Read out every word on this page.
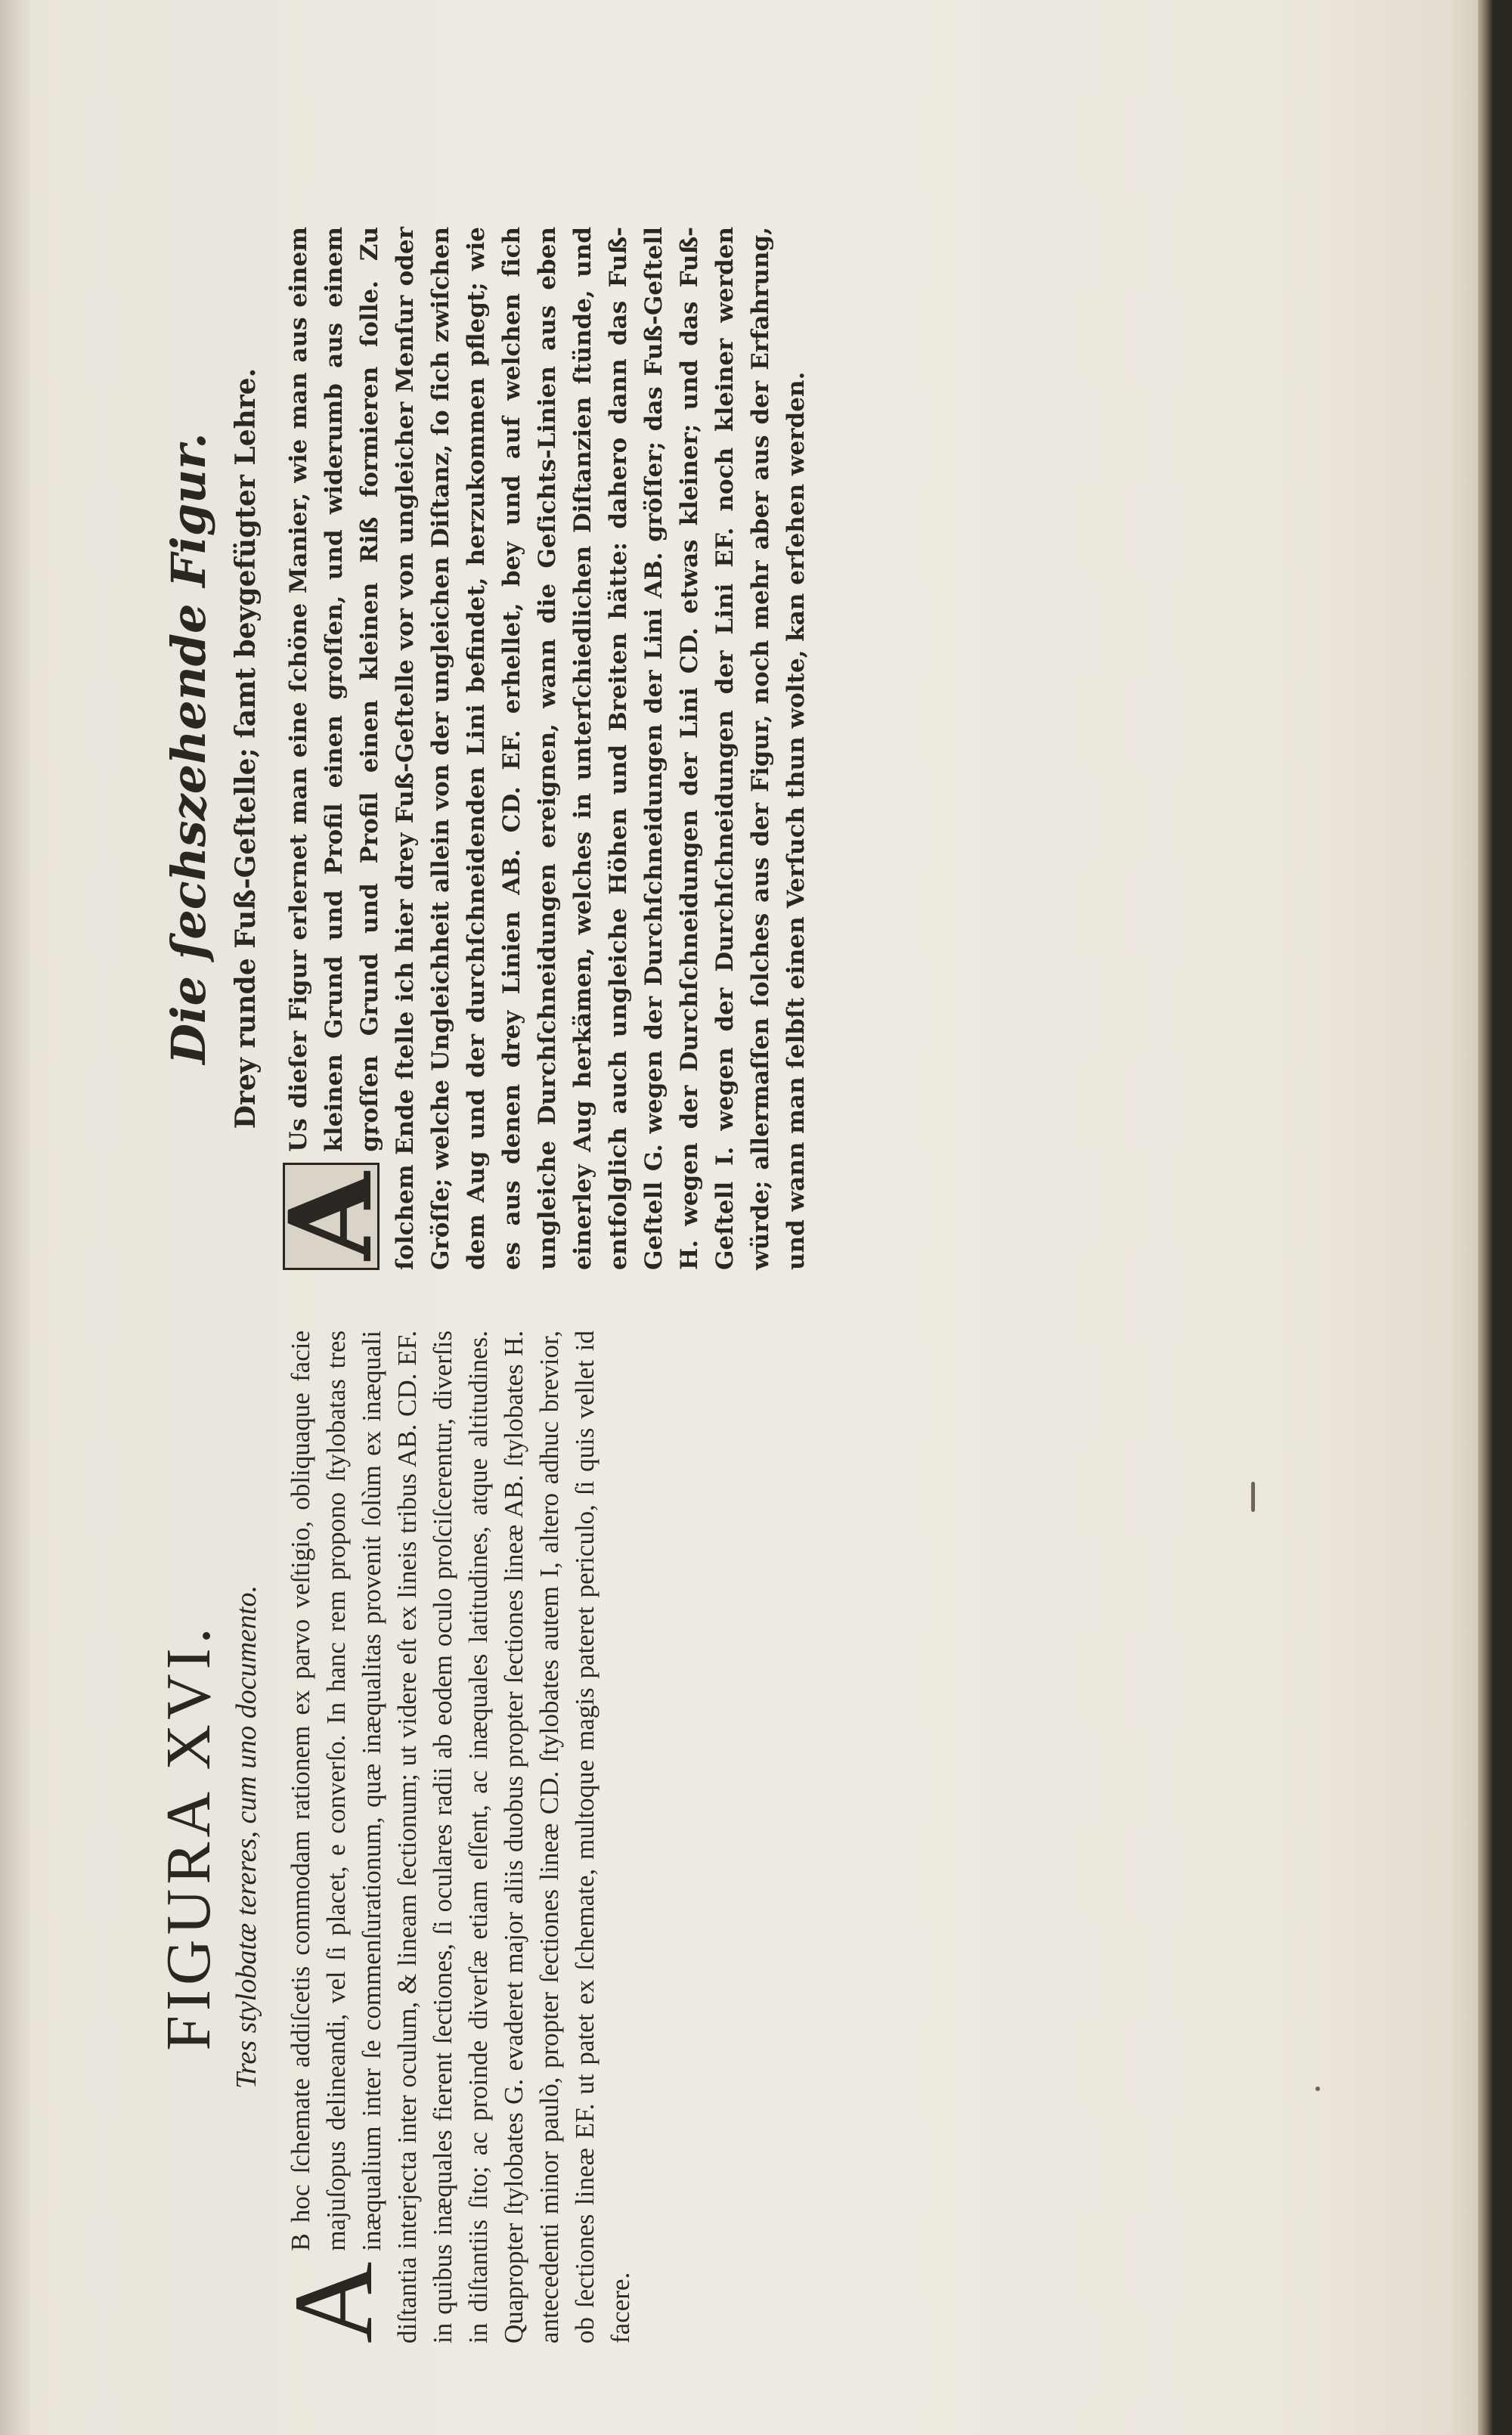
FIGURA XVI. Tres stylobatæ tereres, cum uno documento.

A
B hoc ſchemate addiſcetis commodam rationem ex parvo veſtigio, obliquaque facie majuſopus delineandi, vel ſi placet, e converſo. In hanc rem propono ſtylobatas tres inæqualium inter ſe commenſurationum, quæ inæqualitas provenit ſolùm ex inæquali diſtantia interjecta inter oculum, & lineam ſectionum; ut videre eſt ex lineis tribus AB. CD. EF. in quibus inæquales fierent ſectiones, ſi oculares radii ab eodem oculo proſciſcerentur, diverſis in diſtantiis ſito; ac proinde diverſæ etiam eſſent, ac inæquales latitudines, atque altitudines. Quapropter ſtylobates G. evaderet major aliis duobus propter ſectiones lineæ AB. ſtylobates H. antecedenti minor paulò, propter ſectiones lineæ CD. ſtylobates autem I, altero adhuc brevior, ob ſectiones lineæ EF. ut patet ex ſchemate, multoque magis pateret periculo, ſi quis vellet id facere.

Die ſechszehende Figur. Drey runde Fuß-Geſtelle; ſamt beygefügter Lehre.

A
Us dieſer Figur erlernet man eine ſchöne Manier, wie man aus einem kleinen Grund und Profil einen groſſen, und widerumb aus einem groſſen Grund und Profil einen kleinen Riß formieren ſolle. Zu ſolchem Ende ſtelle ich hier drey Fuß-Geſtelle vor von ungleicher Menſur oder Gröſſe; welche Ungleichheit allein von der ungleichen Diſtanz, ſo ſich zwiſchen dem Aug und der durchſchneidenden Lini befindet, herzukommen pflegt; wie es aus denen drey Linien AB. CD. EF. erhellet, bey und auf welchen ſich ungleiche Durchſchneidungen ereignen, wann die Geſichts-Linien aus eben einerley Aug herkämen, welches in unterſchiedlichen Diſtanzien ſtünde, und entfolglich auch ungleiche Höhen und Breiten hätte: dahero dann das Fuß-Geſtell G. wegen der Durchſchneidungen der Lini AB. gröſſer; das Fuß-Geſtell H. wegen der Durchſchneidungen der Lini CD. etwas kleiner; und das Fuß-Geſtell I. wegen der Durchſchneidungen der Lini EF. noch kleiner werden würde; allermaſſen ſolches aus der Figur, noch mehr aber aus der Erfahrung, und wann man ſelbſt einen Verſuch thun wolte, kan erſehen werden.
